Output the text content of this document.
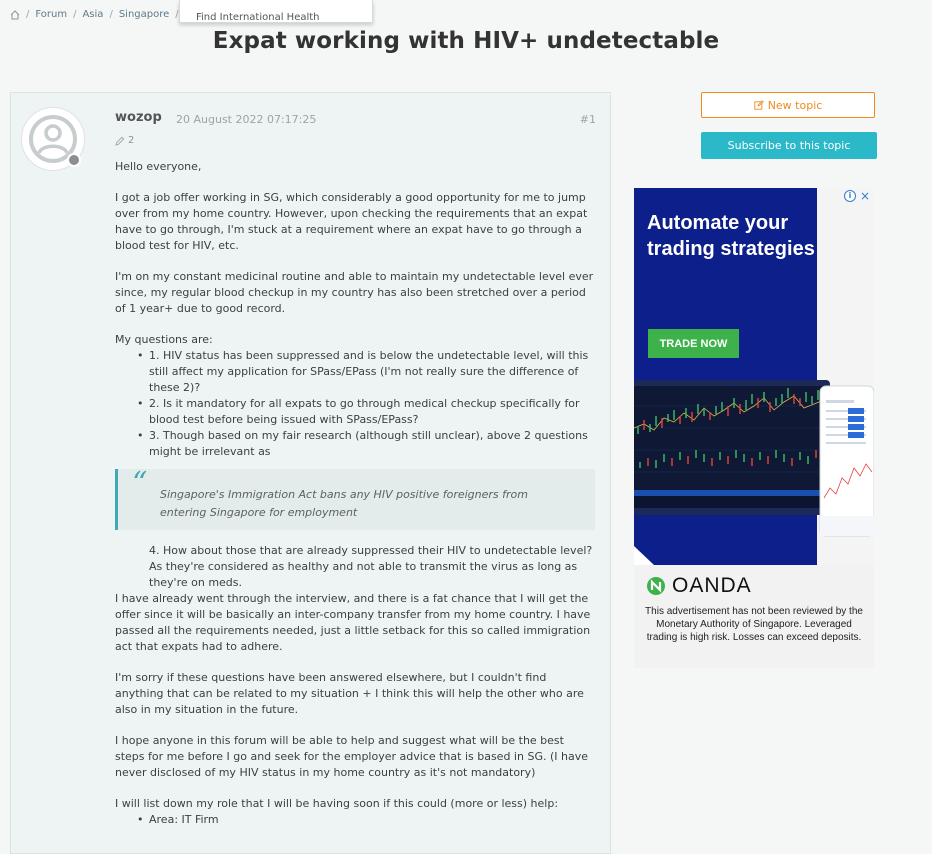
/ Forum / Asia / Singapore / Find International Health
Expat working with HIV+ undetectable
wozop 20 August 2022 07:17:25	#1
2

Hello everyone,

I got a job offer working in SG, which considerably a good opportunity for me to jump over from my home country. However, upon checking the requirements that an expat have to go through, I'm stuck at a requirement where an expat have to go through a blood test for HIV, etc.

I'm on my constant medicinal routine and able to maintain my undetectable level ever since, my regular blood checkup in my country has also been stretched over a period of 1 year+ due to good record.

My questions are:

• 1. HIV status has been suppressed and is below the undetectable level, will this still affect my application for SPass/EPass (I'm not really sure the difference of these 2)?
• 2. Is it mandatory for all expats to go through medical checkup specifically for blood test before being issued with SPass/EPass?
• 3. Though based on my fair research (although still unclear), above 2 questions might be irrelevant as
“ Singapore's Immigration Act bans any HIV positive foreigners from entering Singapore for employment

4. How about those that are already suppressed their HIV to undetectable level? As they're considered as healthy and not able to transmit the virus as long as they're on meds.

I have already went through the interview, and there is a fat chance that I will get the offer since it will be basically an inter-company transfer from my home country. I have passed all the requirements needed, just a little setback for this so called immigration act that expats had to adhere.

I'm sorry if these questions have been answered elsewhere, but I couldn't find anything that can be related to my situation + I think this will help the other who are also in my situation in the future.

I hope anyone in this forum will be able to help and suggest what will be the best steps for me before I go and seek for the employer advice that is based in SG. (I have never disclosed of my HIV status in my home country as it's not mandatory)

I will list down my role that I will be having soon if this could (more or less) help:

• Area: IT Firm
New topic
Subscribe to this topic
Automate your trading strategies
TRADE NOW
i ×
OANDA
This advertisement has not been reviewed by the Monetary Authority of Singapore. Leveraged trading is high risk. Losses can exceed deposits.
